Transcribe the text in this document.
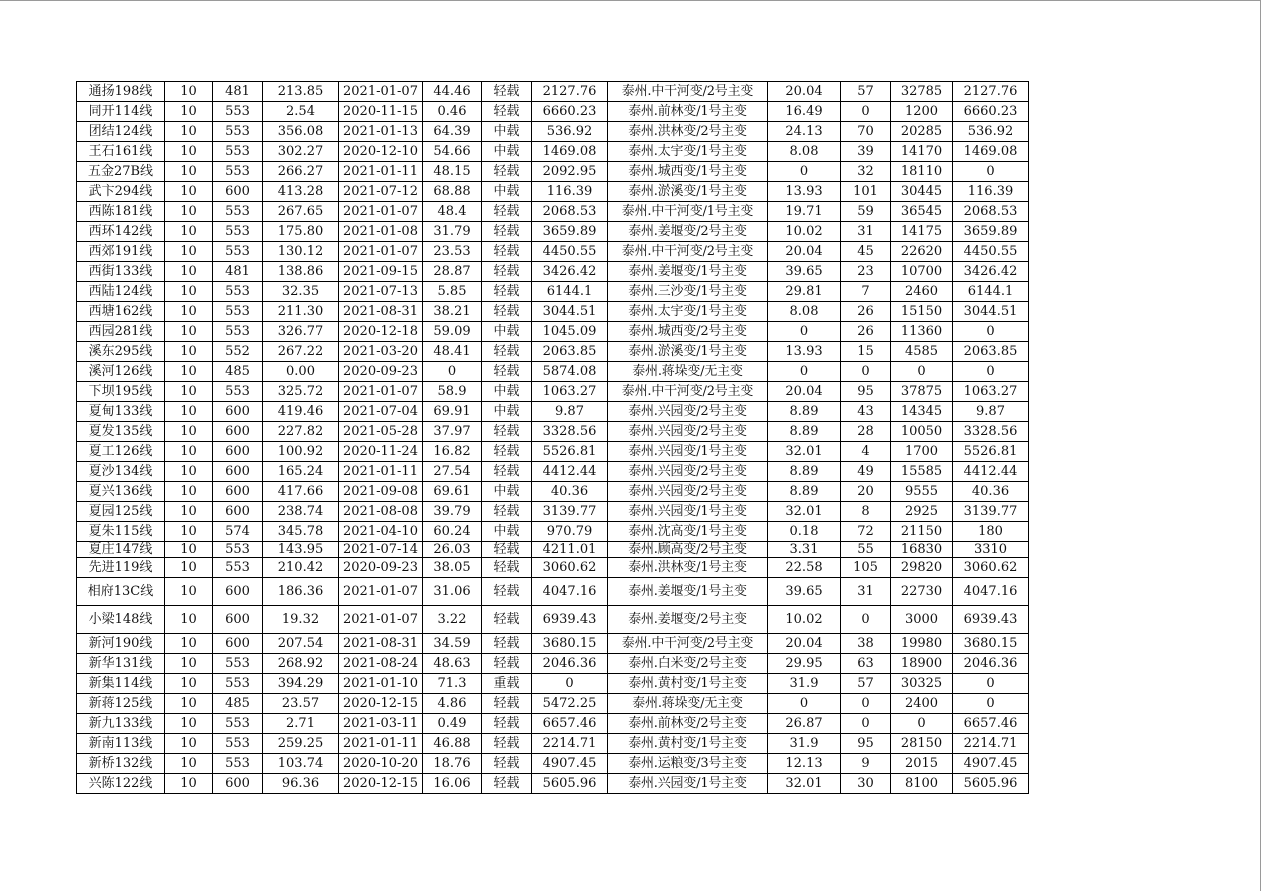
通扬198线	10	481	213.85	2021-01-07	44.46	轻载	2127.76	泰州.中干河变/2号主变	20.04	57	32785	2127.76
同开114线	10	553	2.54	2020-11-15	0.46	轻载	6660.23	泰州.前林变/1号主变	16.49	0	1200	6660.23
团结124线	10	553	356.08	2021-01-13	64.39	中载	536.92	泰州.洪林变/2号主变	24.13	70	20285	536.92
王石161线	10	553	302.27	2020-12-10	54.66	中载	1469.08	泰州.太宇变/1号主变	8.08	39	14170	1469.08
五金27B线	10	553	266.27	2021-01-11	48.15	轻载	2092.95	泰州.城西变/1号主变	0	32	18110	0
武卞294线	10	600	413.28	2021-07-12	68.88	中载	116.39	泰州.淤溪变/1号主变	13.93	101	30445	116.39
西陈181线	10	553	267.65	2021-01-07	48.4	轻载	2068.53	泰州.中干河变/1号主变	19.71	59	36545	2068.53
西环142线	10	553	175.80	2021-01-08	31.79	轻载	3659.89	泰州.姜堰变/2号主变	10.02	31	14175	3659.89
西郊191线	10	553	130.12	2021-01-07	23.53	轻载	4450.55	泰州.中干河变/2号主变	20.04	45	22620	4450.55
西街133线	10	481	138.86	2021-09-15	28.87	轻载	3426.42	泰州.姜堰变/1号主变	39.65	23	10700	3426.42
西陆124线	10	553	32.35	2021-07-13	5.85	轻载	6144.1	泰州.三沙变/1号主变	29.81	7	2460	6144.1
西塘162线	10	553	211.30	2021-08-31	38.21	轻载	3044.51	泰州.太宇变/1号主变	8.08	26	15150	3044.51
西园281线	10	553	326.77	2020-12-18	59.09	中载	1045.09	泰州.城西变/2号主变	0	26	11360	0
溪东295线	10	552	267.22	2021-03-20	48.41	轻载	2063.85	泰州.淤溪变/1号主变	13.93	15	4585	2063.85
溪河126线	10	485	0.00	2020-09-23	0	轻载	5874.08	泰州.蒋垛变/无主变	0	0	0	0
下坝195线	10	553	325.72	2021-01-07	58.9	中载	1063.27	泰州.中干河变/2号主变	20.04	95	37875	1063.27
夏甸133线	10	600	419.46	2021-07-04	69.91	中载	9.87	泰州.兴园变/2号主变	8.89	43	14345	9.87
夏发135线	10	600	227.82	2021-05-28	37.97	轻载	3328.56	泰州.兴园变/2号主变	8.89	28	10050	3328.56
夏工126线	10	600	100.92	2020-11-24	16.82	轻载	5526.81	泰州.兴园变/1号主变	32.01	4	1700	5526.81
夏沙134线	10	600	165.24	2021-01-11	27.54	轻载	4412.44	泰州.兴园变/2号主变	8.89	49	15585	4412.44
夏兴136线	10	600	417.66	2021-09-08	69.61	中载	40.36	泰州.兴园变/2号主变	8.89	20	9555	40.36
夏园125线	10	600	238.74	2021-08-08	39.79	轻载	3139.77	泰州.兴园变/1号主变	32.01	8	2925	3139.77
夏朱115线	10	574	345.78	2021-04-10	60.24	中载	970.79	泰州.沈高变/1号主变	0.18	72	21150	180
夏庄147线	10	553	143.95	2021-07-14	26.03	轻载	4211.01	泰州.顾高变/2号主变	3.31	55	16830	3310
先进119线	10	553	210.42	2020-09-23	38.05	轻载	3060.62	泰州.洪林变/1号主变	22.58	105	29820	3060.62
相府13C线	10	600	186.36	2021-01-07	31.06	轻载	4047.16	泰州.姜堰变/1号主变	39.65	31	22730	4047.16
小梁148线	10	600	19.32	2021-01-07	3.22	轻载	6939.43	泰州.姜堰变/2号主变	10.02	0	3000	6939.43
新河190线	10	600	207.54	2021-08-31	34.59	轻载	3680.15	泰州.中干河变/2号主变	20.04	38	19980	3680.15
新华131线	10	553	268.92	2021-08-24	48.63	轻载	2046.36	泰州.白米变/2号主变	29.95	63	18900	2046.36
新集114线	10	553	394.29	2021-01-10	71.3	重载	0	泰州.黄村变/1号主变	31.9	57	30325	0
新蒋125线	10	485	23.57	2020-12-15	4.86	轻载	5472.25	泰州.蒋垛变/无主变	0	0	2400	0
新九133线	10	553	2.71	2021-03-11	0.49	轻载	6657.46	泰州.前林变/2号主变	26.87	0	0	6657.46
新南113线	10	553	259.25	2021-01-11	46.88	轻载	2214.71	泰州.黄村变/1号主变	31.9	95	28150	2214.71
新桥132线	10	553	103.74	2020-10-20	18.76	轻载	4907.45	泰州.运粮变/3号主变	12.13	9	2015	4907.45
兴陈122线	10	600	96.36	2020-12-15	16.06	轻载	5605.96	泰州.兴园变/1号主变	32.01	30	8100	5605.96
